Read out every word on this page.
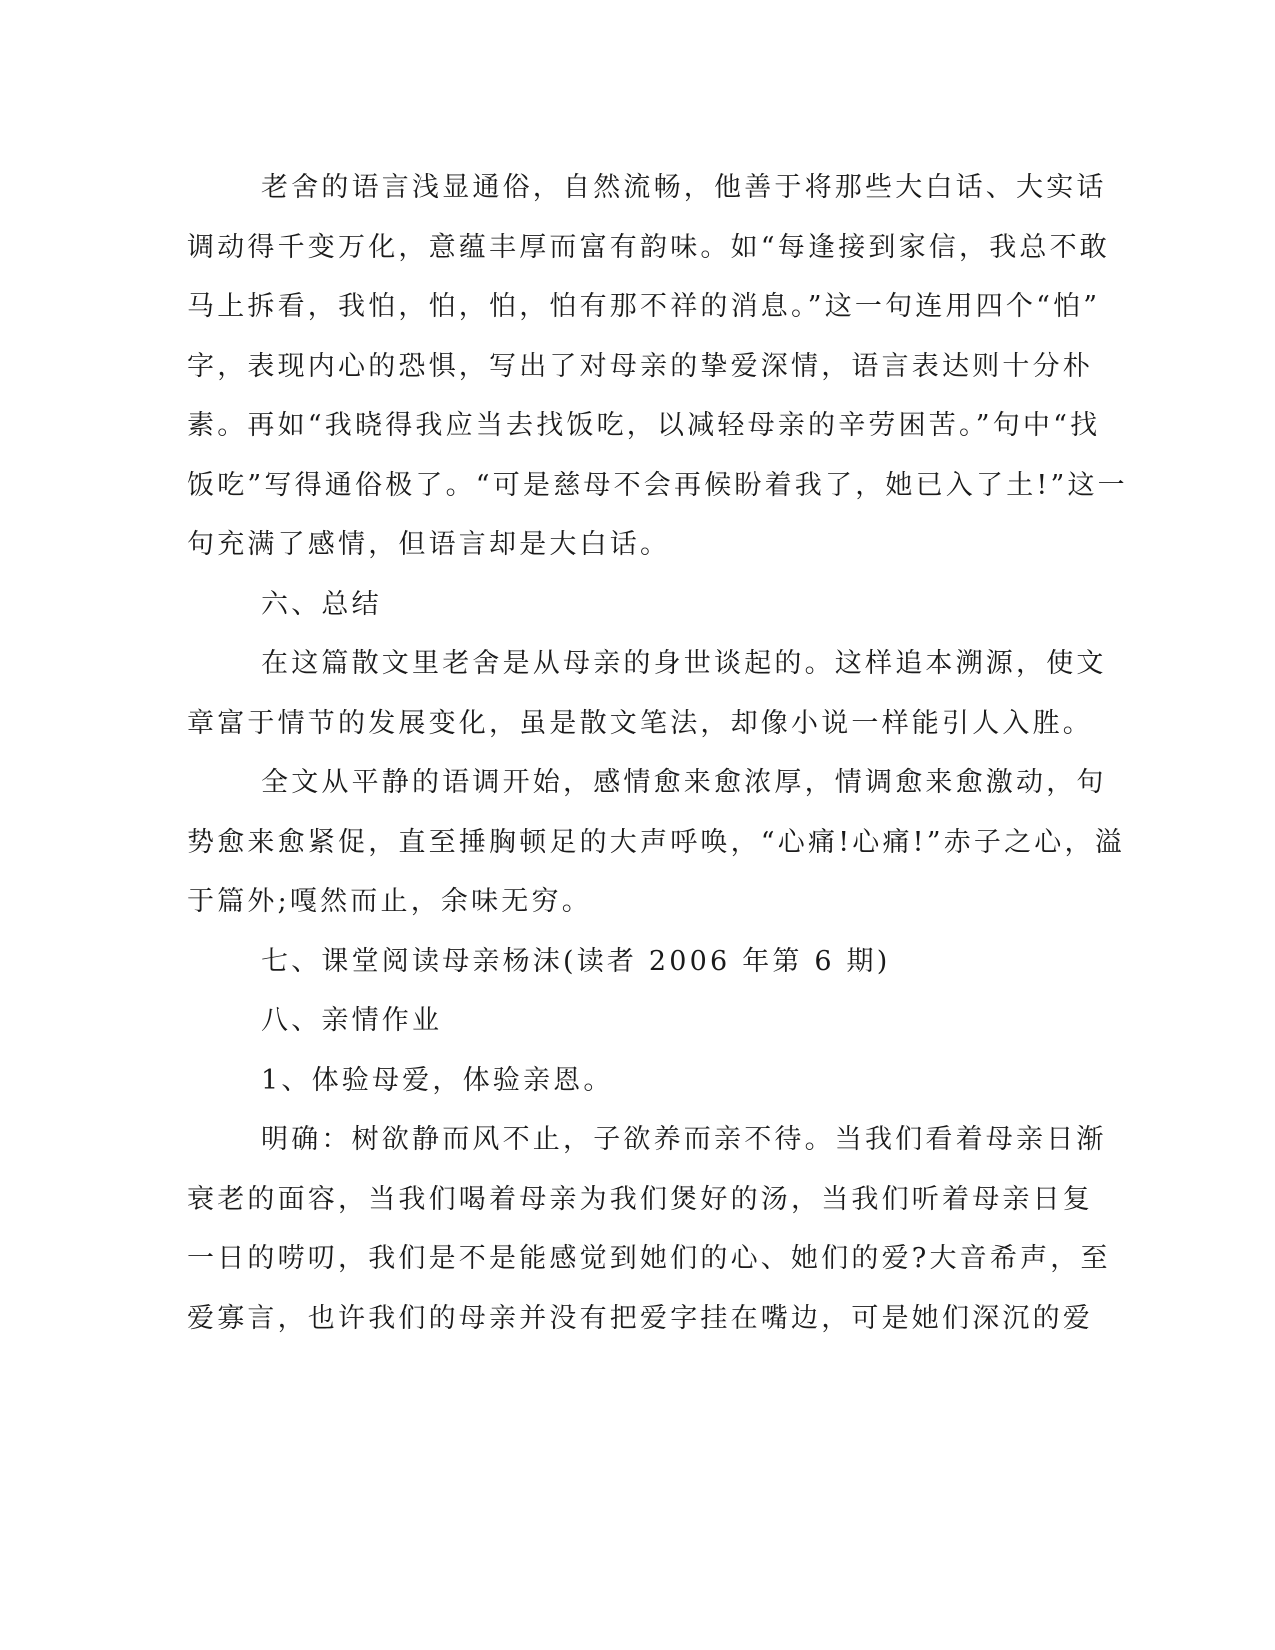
老舍的语言浅显通俗，自然流畅，他善于将那些大白话、大实话
调动得千变万化，意蕴丰厚而富有韵味。如“每逢接到家信，我总不敢
马上拆看，我怕，怕，怕，怕有那不祥的消息。”这一句连用四个“怕”
字，表现内心的恐惧，写出了对母亲的挚爱深情，语言表达则十分朴
素。再如“我晓得我应当去找饭吃，以减轻母亲的辛劳困苦。”句中“找
饭吃”写得通俗极了。“可是慈母不会再候盼着我了，她已入了土!”这一
句充满了感情，但语言却是大白话。
六、总结
在这篇散文里老舍是从母亲的身世谈起的。这样追本溯源，使文
章富于情节的发展变化，虽是散文笔法，却像小说一样能引人入胜。
全文从平静的语调开始，感情愈来愈浓厚，情调愈来愈激动，句
势愈来愈紧促，直至捶胸顿足的大声呼唤，“心痛!心痛!”赤子之心，溢
于篇外;嘎然而止，余味无穷。
七、课堂阅读母亲杨沫(读者 2006 年第 6 期)
八、亲情作业
1、体验母爱，体验亲恩。
明确：树欲静而风不止，子欲养而亲不待。当我们看着母亲日渐
衰老的面容，当我们喝着母亲为我们煲好的汤，当我们听着母亲日复
一日的唠叨，我们是不是能感觉到她们的心、她们的爱?大音希声，至
爱寡言，也许我们的母亲并没有把爱字挂在嘴边，可是她们深沉的爱
